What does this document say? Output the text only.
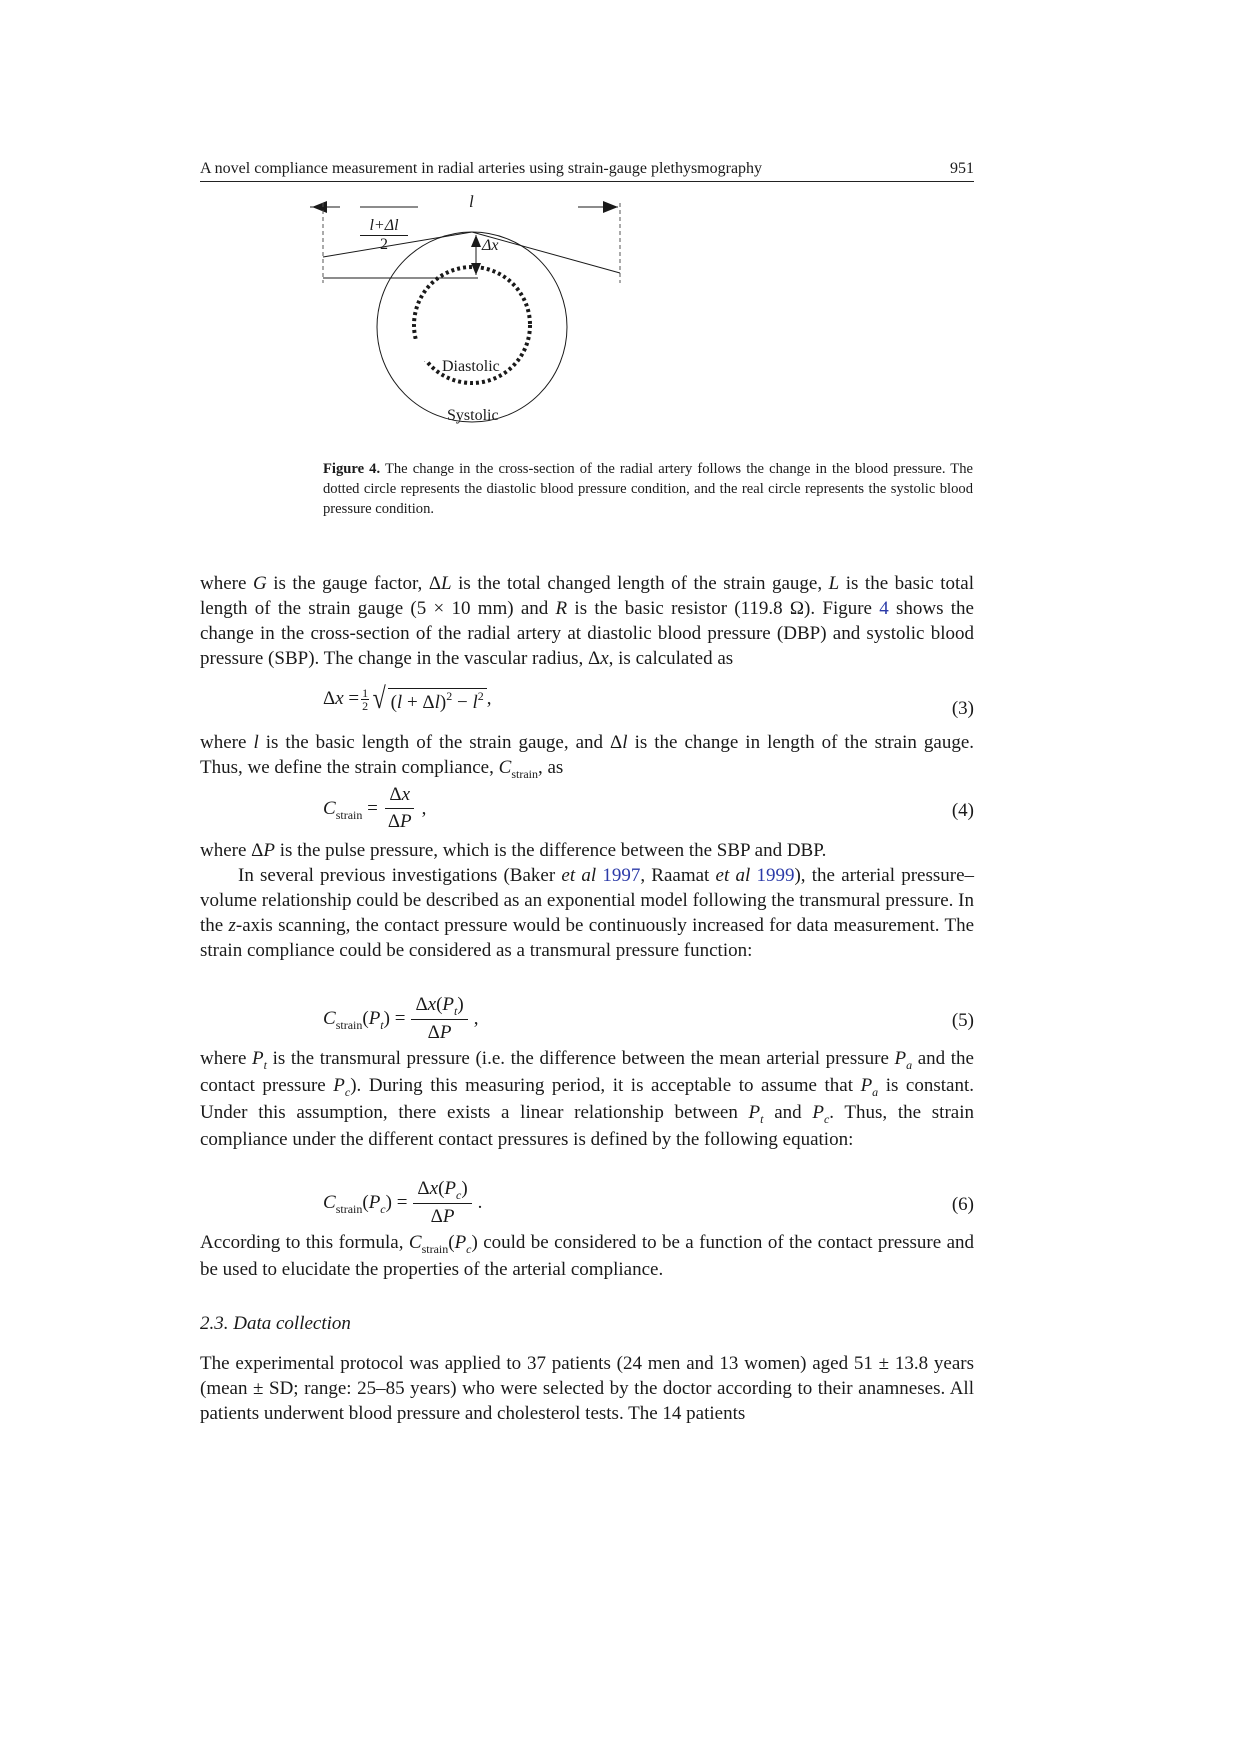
A novel compliance measurement in radial arteries using strain-gauge plethysmography	951
l
$\frac{l+\Delta l}{2}$	Δx
Diastolic
Systolic
Figure 4. The change in the cross-section of the radial artery follows the change in the blood pressure. The dotted circle represents the diastolic blood pressure condition, and the real circle represents the systolic blood pressure condition.
where G is the gauge factor, ΔL is the total changed length of the strain gauge, L is the basic total length of the strain gauge (5 × 10 mm) and R is the basic resistor (119.8 Ω). Figure 4 shows the change in the cross-section of the radial artery at diastolic blood pressure (DBP) and systolic blood pressure (SBP). The change in the vascular radius, Δx, is calculated as
$\Delta x = \frac{1}{2}$ √ $(l + \Delta l)^2 - l^2$ ,	(3)
where l is the basic length of the strain gauge, and Δl is the change in length of the strain gauge. Thus, we define the strain compliance, $C_{strain}$, as
$C_{strain} = \frac{\Delta x}{\Delta P}$ ,	(4)
where ΔP is the pulse pressure, which is the difference between the SBP and DBP.
In several previous investigations (Baker et al 1997, Raamat et al 1999), the arterial pressure–volume relationship could be described as an exponential model following the transmural pressure. In the z-axis scanning, the contact pressure would be continuously increased for data measurement. The strain compliance could be considered as a transmural pressure function:
$C_{strain}(P_t) = \frac{\Delta x(P_t)}{\Delta P}$ ,	(5)
where $P_t$ is the transmural pressure (i.e. the difference between the mean arterial pressure $P_a$ and the contact pressure $P_c$). During this measuring period, it is acceptable to assume that $P_a$ is constant. Under this assumption, there exists a linear relationship between $P_t$ and $P_c$. Thus, the strain compliance under the different contact pressures is defined by the following equation:
$C_{strain}(P_c) = \frac{\Delta x(P_c)}{\Delta P}$ .	(6)
According to this formula, $C_{strain}(P_c)$ could be considered to be a function of the contact pressure and be used to elucidate the properties of the arterial compliance.
2.3. Data collection
The experimental protocol was applied to 37 patients (24 men and 13 women) aged 51 ± 13.8 years (mean ± SD; range: 25–85 years) who were selected by the doctor according to their anamneses. All patients underwent blood pressure and cholesterol tests. The 14 patients
